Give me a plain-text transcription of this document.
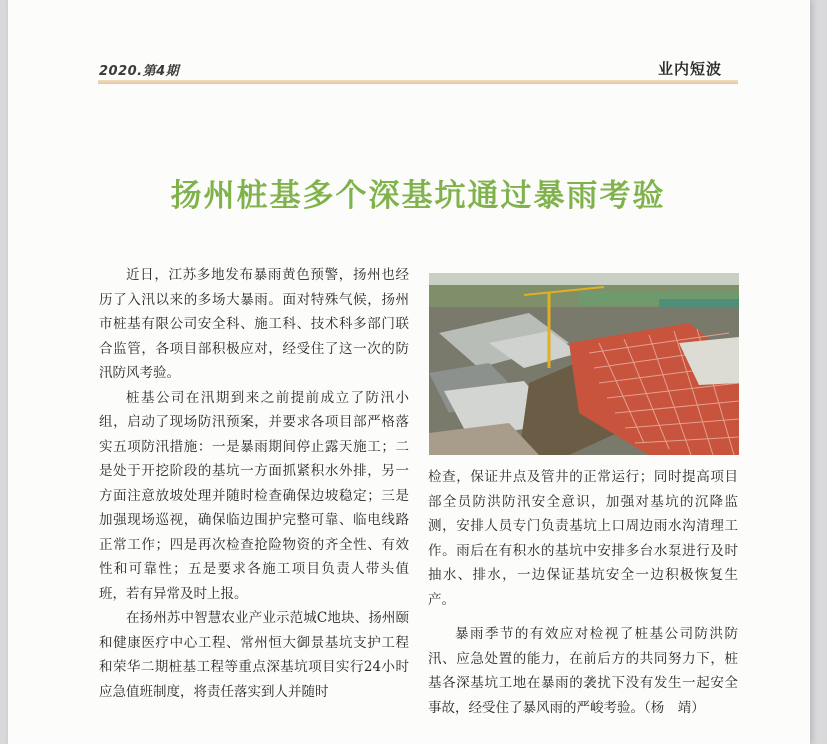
2020.第4期	业内短波
扬州桩基多个深基坑通过暴雨考验

近日，江苏多地发布暴雨黄色预警，扬州也经历了入汛以来的多场大暴雨。面对特殊气候，扬州市桩基有限公司安全科、施工科、技术科多部门联合监管，各项目部积极应对，经受住了这一次的防汛防风考验。

桩基公司在汛期到来之前提前成立了防汛小组，启动了现场防汛预案，并要求各项目部严格落实五项防汛措施：一是暴雨期间停止露天施工；二是处于开挖阶段的基坑一方面抓紧积水外排，另一方面注意放坡处理并随时检查确保边坡稳定；三是加强现场巡视，确保临边围护完整可靠、临电线路正常工作；四是再次检查抢险物资的齐全性、有效性和可靠性；五是要求各施工项目负责人带头值班，若有异常及时上报。

在扬州苏中智慧农业产业示范城C地块、扬州颐和健康医疗中心工程、常州恒大御景基坑支护工程和荣华二期桩基工程等重点深基坑项目实行24小时应急值班制度，将责任落实到人并随时

检查，保证井点及管井的正常运行；同时提高项目部全员防洪防汛安全意识，加强对基坑的沉降监测，安排人员专门负责基坑上口周边雨水沟清理工作。雨后在有积水的基坑中安排多台水泵进行及时抽水、排水，一边保证基坑安全一边积极恢复生产。

暴雨季节的有效应对检视了桩基公司防洪防汛、应急处置的能力，在前后方的共同努力下，桩基各深基坑工地在暴雨的袭扰下没有发生一起安全事故，经受住了暴风雨的严峻考验。（杨　靖）
